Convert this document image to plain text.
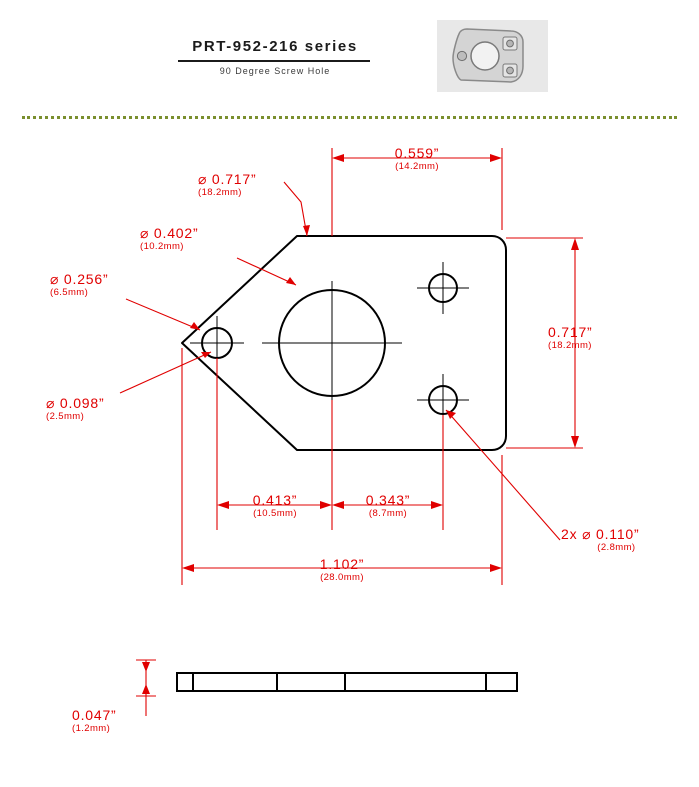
PRT-952-216 series
90 Degree Screw Hole
⌀ 0.717”
(18.2mm)
⌀ 0.402”
(10.2mm)
⌀ 0.256”
(6.5mm)
⌀ 0.098”
(2.5mm)
0.559”
(14.2mm)
0.717”
(18.2mm)
0.413”
(10.5mm)
0.343”
(8.7mm)
1.102”
(28.0mm)
2x ⌀ 0.110”
(2.8mm)
0.047”
(1.2mm)
